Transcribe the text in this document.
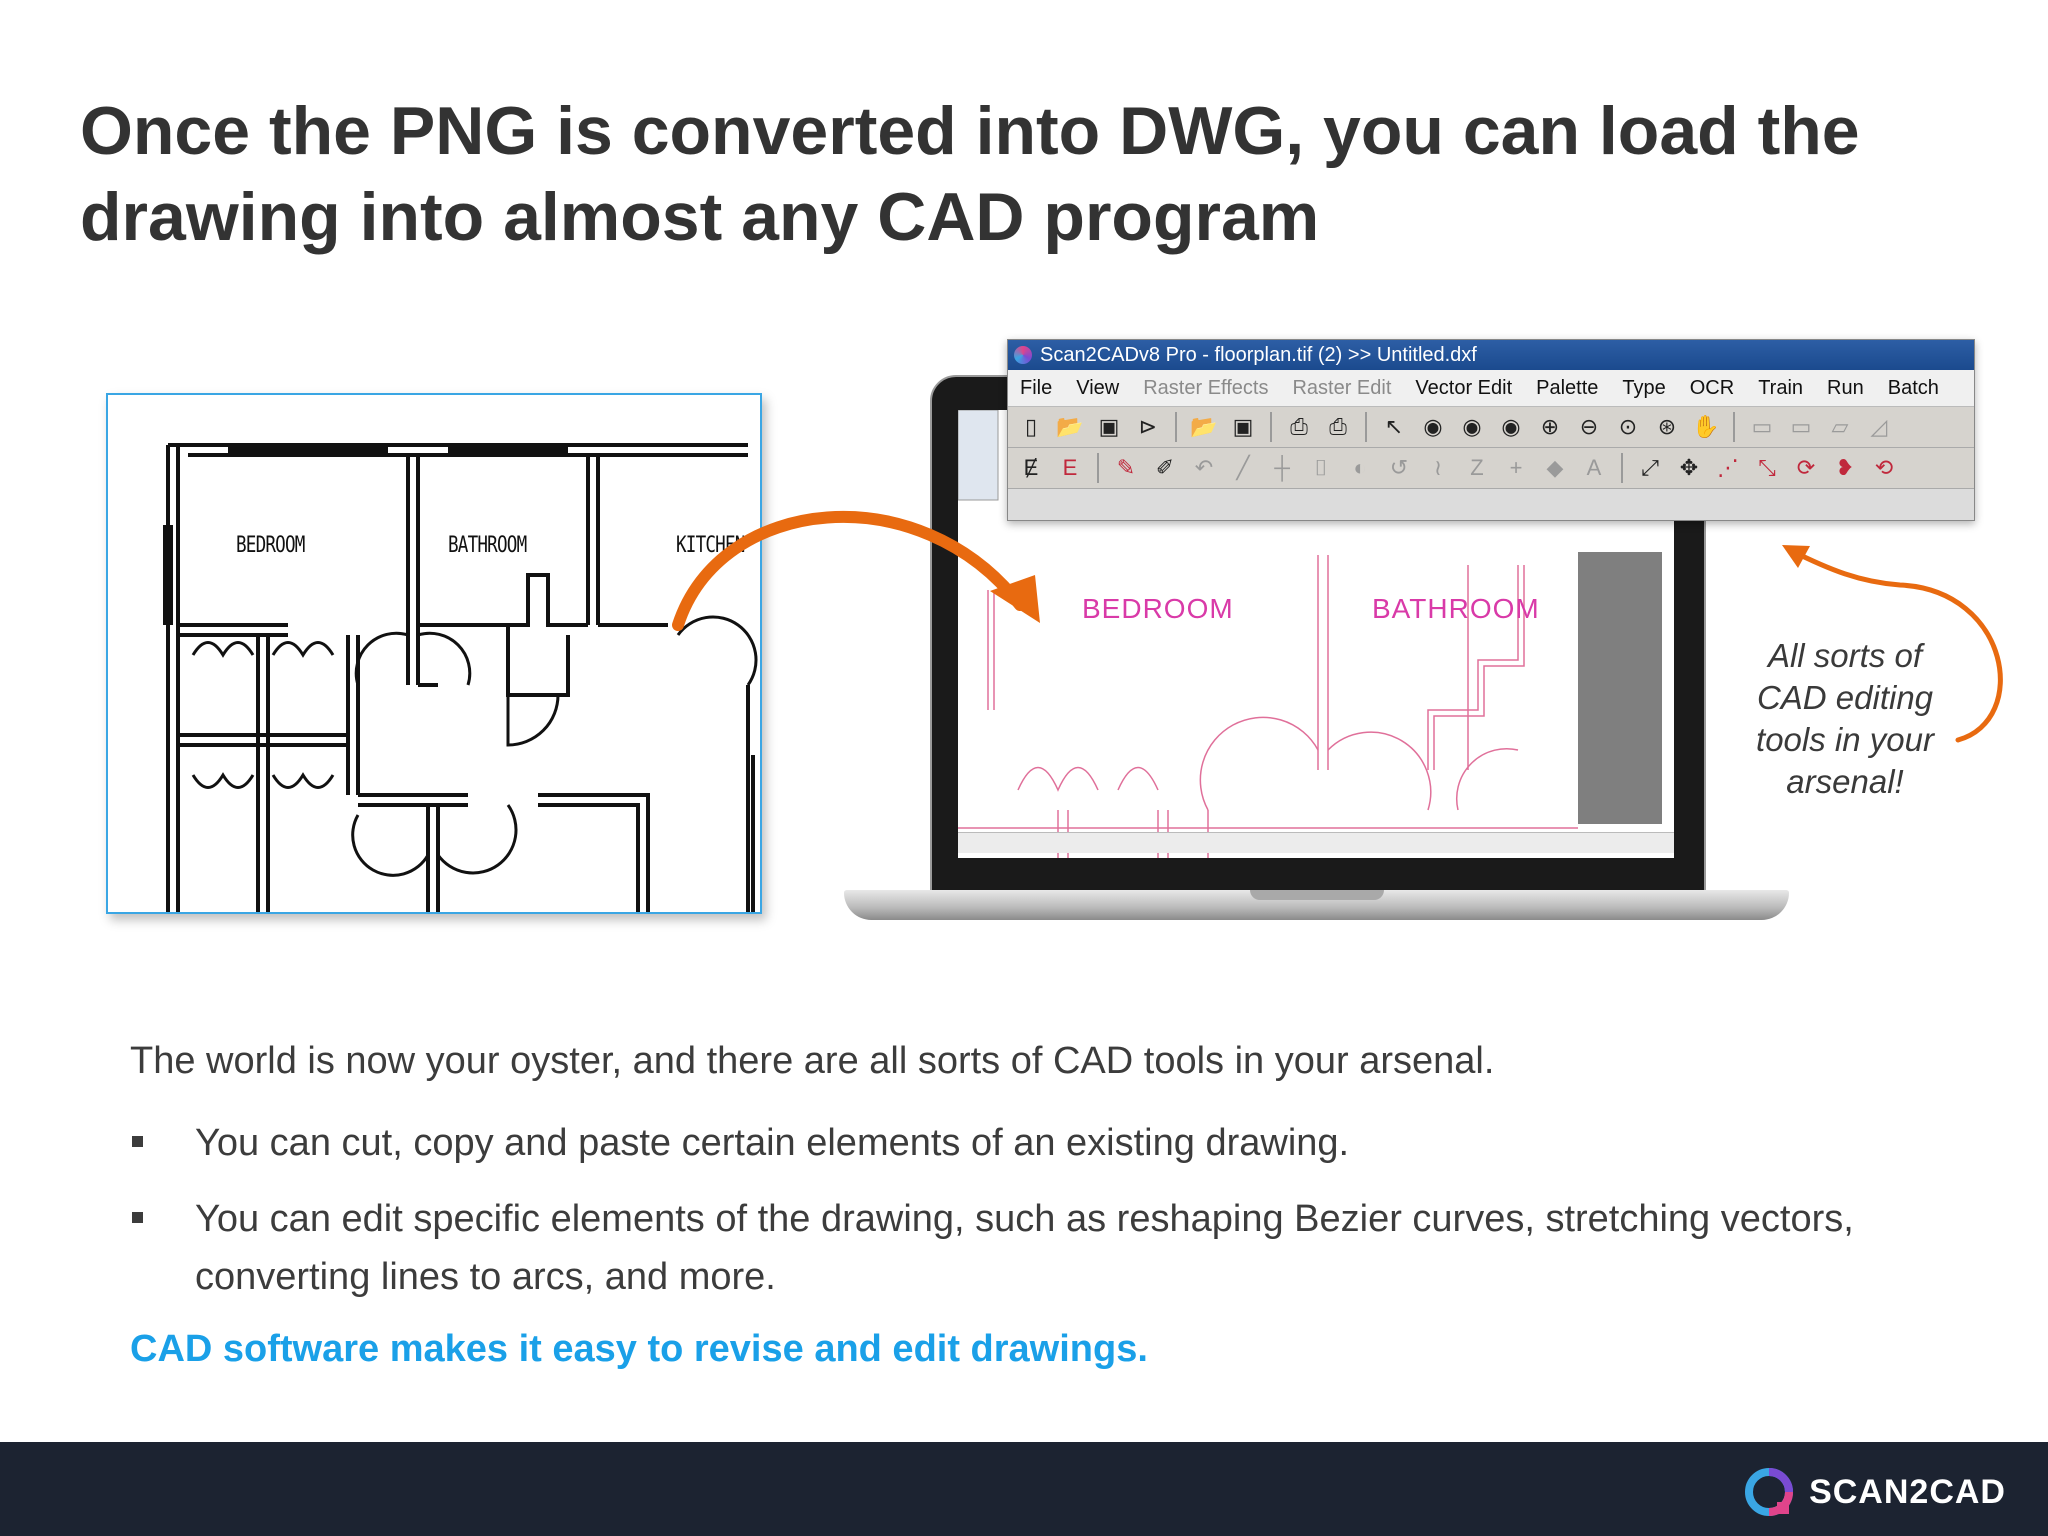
Once the PNG is converted into DWG, you can load the
drawing into almost any CAD program
BEDROOM	BATHROOM	KITCHEN
BEDROOM	BATHROOM
Scan2CADv8 Pro - floorplan.tif (2) >> Untitled.dxf
File	View	Raster Effects	Raster Edit	Vector Edit	Palette	Type	OCR	Train	Run	Batch
▯ 📂 ▣ ⊳ 📂 ▣ ⎙ ⎙ ↖ ◉ ◉ ◉ ⊕ ⊖ ⊙ ⊛ ✋ ▭ ▭ ▱ ◿
Ɇ	E	✎ ✐ ↶	╱	┼	⌷	◐	↺	≀	Z	+	◆	A	⤢ ✥ ⋰ ⤡ ⟳ ❥ ⟲
All sorts of
CAD editing
tools in your
arsenal!
The world is now your oyster, and there are all sorts of CAD tools in your arsenal.
You can cut, copy and paste certain elements of an existing drawing.
You can edit specific elements of the drawing, such as reshaping Bezier curves, stretching vectors, converting lines to arcs, and more.
CAD software makes it easy to revise and edit drawings.
SCAN2CAD
